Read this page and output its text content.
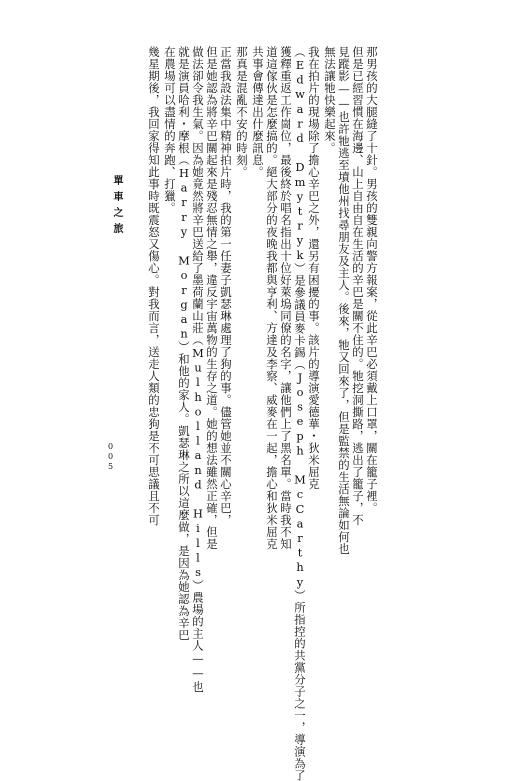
那男孩的大腿縫了十針。男孩的雙親向警方報案，從此辛巴必須戴上口罩，關在籠子裡。
但是已經習慣在海邊、山上自由自在生活的辛巴是關不住的。牠挖洞撕路，逃出了籠子，不
見蹤影——也許牠逃至墳他州找尋朋友及主人。後來，牠又回來了，但是監禁的生活無論如何也
無法讓牠快樂起來。
我在拍片的現場除了擔心辛巴之外，還另有困擾的事。該片的導演愛德華・狄米屈克
（Edward Dmytryk）是參議員麥卡錫（Joseph McCarthy）所指控的共黨分子之一，導演為了
獲釋重返工作崗位，最後終於唱名指出十位好萊塢同僚的名字，讓他們上了黑名單。當時我不知
道這傢伙是怎麼搞的。絕大部分的夜晚我都與亨利、方達及李察、威麥在一起，擔心和狄米屈克
共事會傳達出什麼訊息。
那真是混亂不安的時刻。
正當我設法集中精神拍片時，我的第一任妻子凱瑟琳處理了狗的事。儘管她並不關心辛巴，
但是她認為將辛巴關起來是殘忍無情之舉，違反宇宙萬物的生存之道。她的想法雖然正確，但是
做法卻令我生氣。因為她竟然將辛巴送給了墨荷蘭山莊（Mulholland Hills）農場的主人——也
就是演員哈利・摩根（Harry Morgan）和他的家人。凱瑟琳之所以這麼做，是因為她認為辛巴
在農場可以盡情的奔跑、打獵。
幾星期後，我回家得知此事時既震怒又傷心。對我而言，送走人類的忠狗是不可思議且不可
單車之旅
005
